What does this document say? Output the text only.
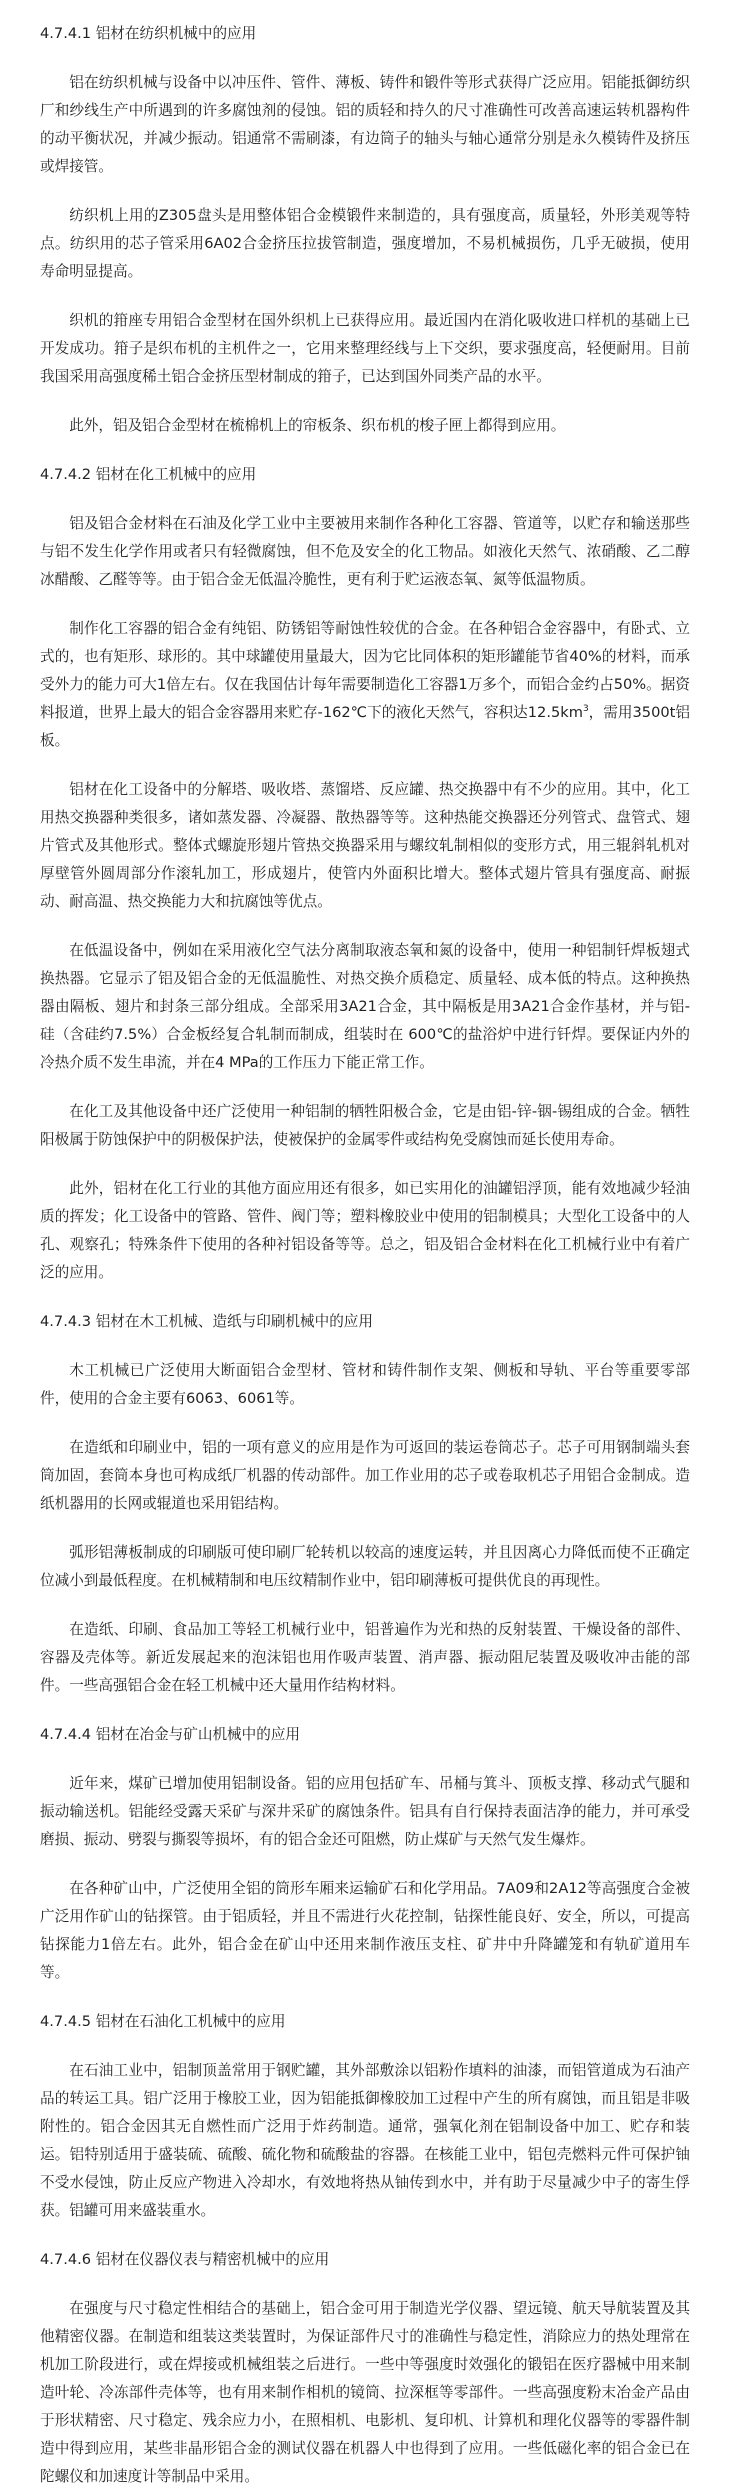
4.7.4.1 铝材在纺织机械中的应用

铝在纺织机械与设备中以冲压件、管件、薄板、铸件和锻件等形式获得广泛应用。铝能抵御纺织厂和纱线生产中所遇到的许多腐蚀剂的侵蚀。铝的质轻和持久的尺寸准确性可改善高速运转机器构件的动平衡状况，并减少振动。铝通常不需刷漆，有边筒子的轴头与轴心通常分别是永久模铸件及挤压或焊接管。

纺织机上用的Z305盘头是用整体铝合金模锻件来制造的，具有强度高，质量轻，外形美观等特点。纺织用的芯子管采用6A02合金挤压拉拔管制造，强度增加，不易机械损伤，几乎无破损，使用寿命明显提高。

织机的箝座专用铝合金型材在国外织机上已获得应用。最近国内在消化吸收进口样机的基础上已开发成功。箝子是织布机的主机件之一，它用来整理经线与上下交织，要求强度高，轻便耐用。目前我国采用高强度稀土铝合金挤压型材制成的箝子，已达到国外同类产品的水平。

此外，铝及铝合金型材在梳棉机上的帘板条、织布机的梭子匣上都得到应用。

4.7.4.2 铝材在化工机械中的应用

铝及铝合金材料在石油及化学工业中主要被用来制作各种化工容器、管道等，以贮存和输送那些与铝不发生化学作用或者只有轻微腐蚀，但不危及安全的化工物品。如液化天然气、浓硝酸、乙二醇冰醋酸、乙醛等等。由于铝合金无低温冷脆性，更有利于贮运液态氧、氮等低温物质。

制作化工容器的铝合金有纯铝、防锈铝等耐蚀性较优的合金。在各种铝合金容器中，有卧式、立式的，也有矩形、球形的。其中球罐使用量最大，因为它比同体积的矩形罐能节省40%的材料，而承受外力的能力可大1倍左右。仅在我国估计每年需要制造化工容器1万多个，而铝合金约占50%。据资料报道，世界上最大的铝合金容器用来贮存-162℃下的液化天然气，容积达$12.5km^3$，需用3500t铝板。

铝材在化工设备中的分解塔、吸收塔、蒸馏塔、反应罐、热交换器中有不少的应用。其中，化工用热交换器种类很多，诸如蒸发器、冷凝器、散热器等等。这种热能交换器还分列管式、盘管式、翅片管式及其他形式。整体式螺旋形翅片管热交换器采用与螺纹轧制相似的变形方式，用三辊斜轧机对厚壁管外圆周部分作滚轧加工，形成翅片，使管内外面积比增大。整体式翅片管具有强度高、耐振动、耐高温、热交换能力大和抗腐蚀等优点。

在低温设备中，例如在采用液化空气法分离制取液态氧和氮的设备中，使用一种铝制钎焊板翅式换热器。它显示了铝及铝合金的无低温脆性、对热交换介质稳定、质量轻、成本低的特点。这种换热器由隔板、翅片和封条三部分组成。全部采用3A21合金，其中隔板是用3A21合金作基材，并与铝-硅（含硅约7.5%）合金板经复合轧制而制成，组装时在 600℃的盐浴炉中进行钎焊。要保证内外的冷热介质不发生串流，并在4 MPa的工作压力下能正常工作。

在化工及其他设备中还广泛使用一种铝制的牺牲阳极合金，它是由铝-锌-铟-锡组成的合金。牺牲阳极属于防蚀保护中的阴极保护法，使被保护的金属零件或结构免受腐蚀而延长使用寿命。

此外，铝材在化工行业的其他方面应用还有很多，如已实用化的油罐铝浮顶，能有效地减少轻油质的挥发；化工设备中的管路、管件、阀门等；塑料橡胶业中使用的铝制模具；大型化工设备中的人孔、观察孔；特殊条件下使用的各种衬铝设备等等。总之，铝及铝合金材料在化工机械行业中有着广泛的应用。

4.7.4.3 铝材在木工机械、造纸与印刷机械中的应用

木工机械已广泛使用大断面铝合金型材、管材和铸件制作支架、侧板和导轨、平台等重要零部件，使用的合金主要有6063、6061等。

在造纸和印刷业中，铝的一项有意义的应用是作为可返回的装运卷筒芯子。芯子可用钢制端头套筒加固，套筒本身也可构成纸厂机器的传动部件。加工作业用的芯子或卷取机芯子用铝合金制成。造纸机器用的长网或辊道也采用铝结构。

弧形铝薄板制成的印刷版可使印刷厂轮转机以较高的速度运转，并且因离心力降低而使不正确定位减小到最低程度。在机械精制和电压纹精制作业中，铝印刷薄板可提供优良的再现性。

在造纸、印刷、食品加工等轻工机械行业中，铝普遍作为光和热的反射装置、干燥设备的部件、容器及壳体等。新近发展起来的泡沫铝也用作吸声装置、消声器、振动阻尼装置及吸收冲击能的部件。一些高强铝合金在轻工机械中还大量用作结构材料。

4.7.4.4 铝材在冶金与矿山机械中的应用

近年来，煤矿已增加使用铝制设备。铝的应用包括矿车、吊桶与箕斗、顶板支撑、移动式气腿和振动输送机。铝能经受露天采矿与深井采矿的腐蚀条件。铝具有自行保持表面洁净的能力，并可承受磨损、振动、劈裂与撕裂等损坏，有的铝合金还可阻燃，防止煤矿与天然气发生爆炸。

在各种矿山中，广泛使用全铝的筒形车厢来运输矿石和化学用品。7A09和2A12等高强度合金被广泛用作矿山的钻探管。由于铝质轻，并且不需进行火花控制，钻探性能良好、安全，所以，可提高钻探能力1倍左右。此外，铝合金在矿山中还用来制作液压支柱、矿井中升降罐笼和有轨矿道用车等。

4.7.4.5 铝材在石油化工机械中的应用

在石油工业中，铝制顶盖常用于钢贮罐，其外部敷涂以铝粉作填料的油漆，而铝管道成为石油产品的转运工具。铝广泛用于橡胶工业，因为铝能抵御橡胶加工过程中产生的所有腐蚀，而且铝是非吸附性的。铝合金因其无自燃性而广泛用于炸药制造。通常，强氧化剂在铝制设备中加工、贮存和装运。铝特别适用于盛装硫、硫酸、硫化物和硫酸盐的容器。在核能工业中，铝包壳燃料元件可保护铀不受水侵蚀，防止反应产物进入冷却水，有效地将热从铀传到水中，并有助于尽量减少中子的寄生俘获。铝罐可用来盛装重水。

4.7.4.6 铝材在仪器仪表与精密机械中的应用

在强度与尺寸稳定性相结合的基础上，铝合金可用于制造光学仪器、望远镜、航天导航装置及其他精密仪器。在制造和组装这类装置时，为保证部件尺寸的准确性与稳定性，消除应力的热处理常在机加工阶段进行，或在焊接或机械组装之后进行。一些中等强度时效强化的锻铝在医疗器械中用来制造叶轮、冷冻部件壳体等，也有用来制作相机的镜筒、拉深框等零部件。一些高强度粉末冶金产品由于形状精密、尺寸稳定、残余应力小，在照相机、电影机、复印机、计算机和理化仪器等的零器件制造中得到应用，某些非晶形铝合金的测试仪器在机器人中也得到了应用。一些低磁化率的铝合金已在陀螺仪和加速度计等制品中采用。
